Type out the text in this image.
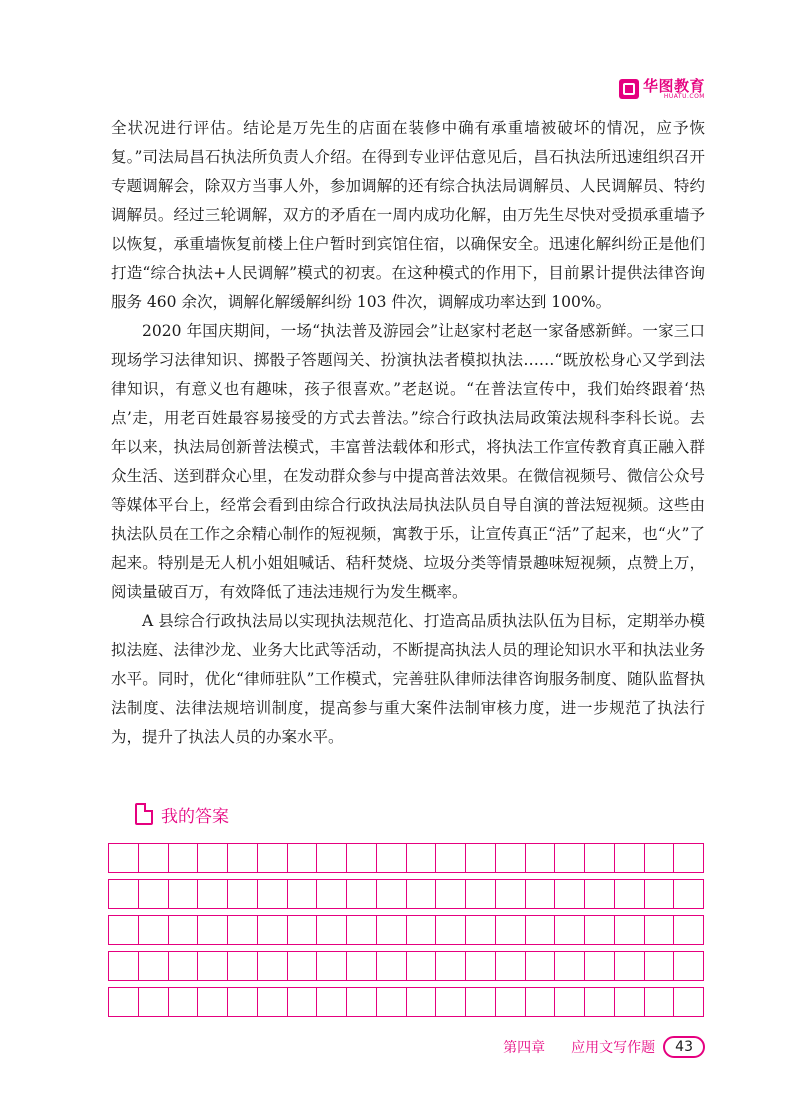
华图教育
HUATU.COM

全状况进行评估。结论是万先生的店面在装修中确有承重墙被破坏的情况，应予恢复。”司法局昌石执法所负责人介绍。在得到专业评估意见后，昌石执法所迅速组织召开专题调解会，除双方当事人外，参加调解的还有综合执法局调解员、人民调解员、特约调解员。经过三轮调解，双方的矛盾在一周内成功化解，由万先生尽快对受损承重墙予以恢复，承重墙恢复前楼上住户暂时到宾馆住宿，以确保安全。迅速化解纠纷正是他们打造“综合执法+人民调解”模式的初衷。在这种模式的作用下，目前累计提供法律咨询服务 460 余次，调解化解缓解纠纷 103 件次，调解成功率达到 100%。

2020 年国庆期间，一场“执法普及游园会”让赵家村老赵一家备感新鲜。一家三口现场学习法律知识、掷骰子答题闯关、扮演执法者模拟执法……“既放松身心又学到法律知识，有意义也有趣味，孩子很喜欢。”老赵说。“在普法宣传中，我们始终跟着‘热点’走，用老百姓最容易接受的方式去普法。”综合行政执法局政策法规科李科长说。去年以来，执法局创新普法模式，丰富普法载体和形式，将执法工作宣传教育真正融入群众生活、送到群众心里，在发动群众参与中提高普法效果。在微信视频号、微信公众号等媒体平台上，经常会看到由综合行政执法局执法队员自导自演的普法短视频。这些由执法队员在工作之余精心制作的短视频，寓教于乐，让宣传真正“活”了起来，也“火”了起来。特别是无人机小姐姐喊话、秸秆焚烧、垃圾分类等情景趣味短视频，点赞上万，阅读量破百万，有效降低了违法违规行为发生概率。

A 县综合行政执法局以实现执法规范化、打造高品质执法队伍为目标，定期举办模拟法庭、法律沙龙、业务大比武等活动，不断提高执法人员的理论知识水平和执法业务水平。同时，优化“律师驻队”工作模式，完善驻队律师法律咨询服务制度、随队监督执法制度、法律法规培训制度，提高参与重大案件法制审核力度，进一步规范了执法行为，提升了执法人员的办案水平。

我的答案
第四章 应用文写作题	43
